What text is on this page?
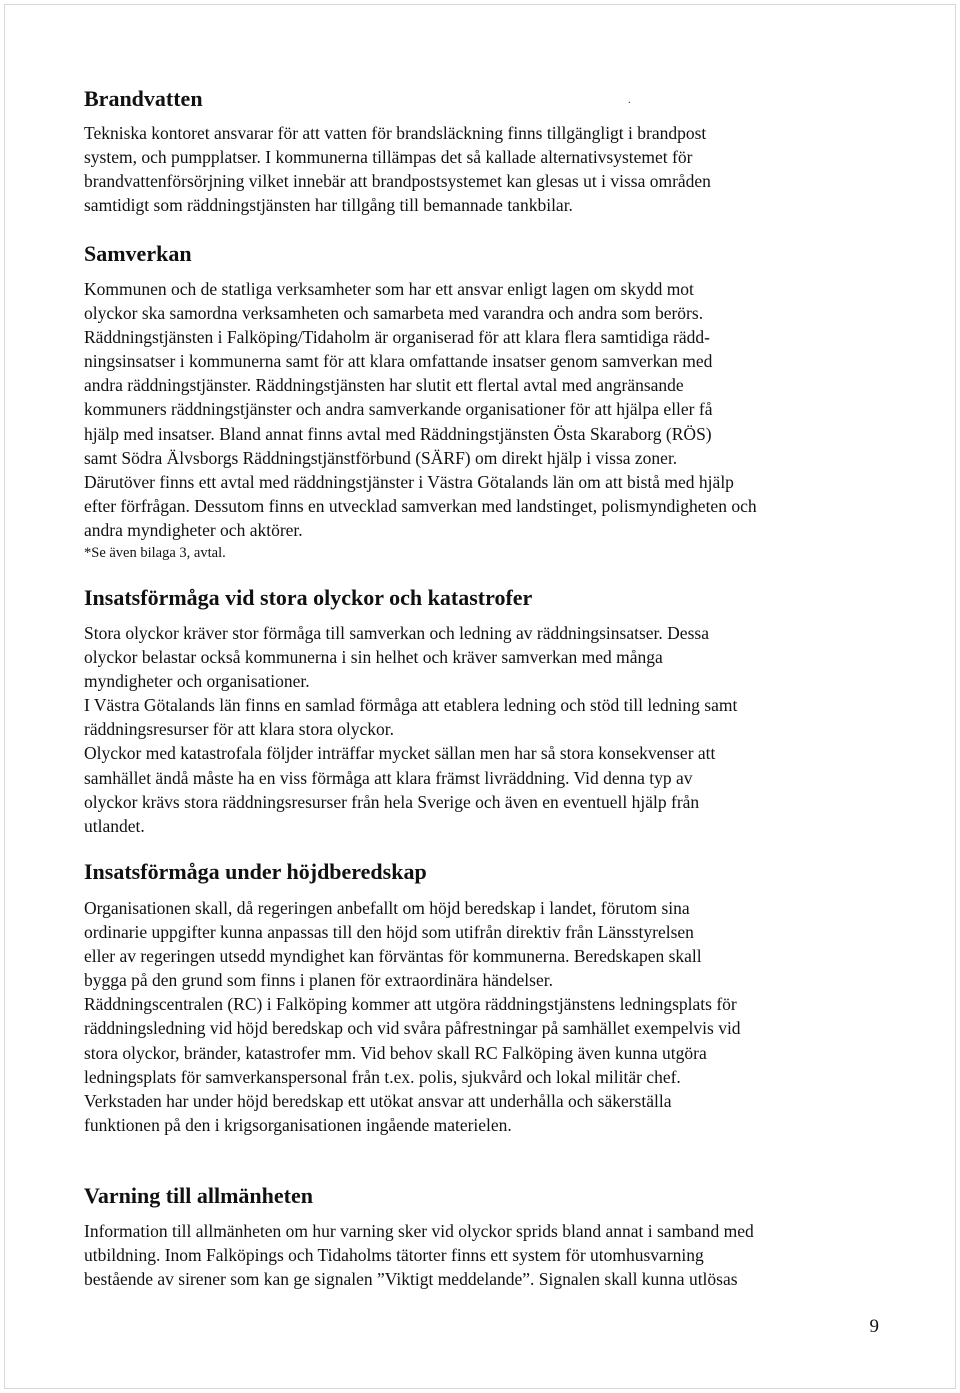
.
Brandvatten
Tekniska kontoret ansvarar för att vatten för brandsläckning finns tillgängligt i brandpost
system, och pumpplatser. I kommunerna tillämpas det så kallade alternativsystemet för
brandvattenförsörjning vilket innebär att brandpostsystemet kan glesas ut i vissa områden
samtidigt som räddningstjänsten har tillgång till bemannade tankbilar.
Samverkan
Kommunen och de statliga verksamheter som har ett ansvar enligt lagen om skydd mot
olyckor ska samordna verksamheten och samarbeta med varandra och andra som berörs.
Räddningstjänsten i Falköping/Tidaholm är organiserad för att klara flera samtidiga rädd-
ningsinsatser i kommunerna samt för att klara omfattande insatser genom samverkan med
andra räddningstjänster. Räddningstjänsten har slutit ett flertal avtal med angränsande
kommuners räddningstjänster och andra samverkande organisationer för att hjälpa eller få
hjälp med insatser. Bland annat finns avtal med Räddningstjänsten Östa Skaraborg (RÖS)
samt Södra Älvsborgs Räddningstjänstförbund (SÄRF) om direkt hjälp i vissa zoner.
Därutöver finns ett avtal med räddningstjänster i Västra Götalands län om att bistå med hjälp
efter förfrågan. Dessutom finns en utvecklad samverkan med landstinget, polismyndigheten och
andra myndigheter och aktörer.

*Se även bilaga 3, avtal.

Insatsförmåga vid stora olyckor och katastrofer
Stora olyckor kräver stor förmåga till samverkan och ledning av räddningsinsatser. Dessa
olyckor belastar också kommunerna i sin helhet och kräver samverkan med många
myndigheter och organisationer.
I Västra Götalands län finns en samlad förmåga att etablera ledning och stöd till ledning samt
räddningsresurser för att klara stora olyckor.
Olyckor med katastrofala följder inträffar mycket sällan men har så stora konsekvenser att
samhället ändå måste ha en viss förmåga att klara främst livräddning. Vid denna typ av
olyckor krävs stora räddningsresurser från hela Sverige och även en eventuell hjälp från
utlandet.
Insatsförmåga under höjdberedskap
Organisationen skall, då regeringen anbefallt om höjd beredskap i landet, förutom sina
ordinarie uppgifter kunna anpassas till den höjd som utifrån direktiv från Länsstyrelsen
eller av regeringen utsedd myndighet kan förväntas för kommunerna. Beredskapen skall
bygga på den grund som finns i planen för extraordinära händelser.
Räddningscentralen (RC) i Falköping kommer att utgöra räddningstjänstens ledningsplats för
räddningsledning vid höjd beredskap och vid svåra påfrestningar på samhället exempelvis vid
stora olyckor, bränder, katastrofer mm. Vid behov skall RC Falköping även kunna utgöra
ledningsplats för samverkanspersonal från t.ex. polis, sjukvård och lokal militär chef.
Verkstaden har under höjd beredskap ett utökat ansvar att underhålla och säkerställa
funktionen på den i krigsorganisationen ingående materielen.
Varning till allmänheten
Information till allmänheten om hur varning sker vid olyckor sprids bland annat i samband med
utbildning. Inom Falköpings och Tidaholms tätorter finns ett system för utomhusvarning
bestående av sirener som kan ge signalen ”Viktigt meddelande”. Signalen skall kunna utlösas
9
